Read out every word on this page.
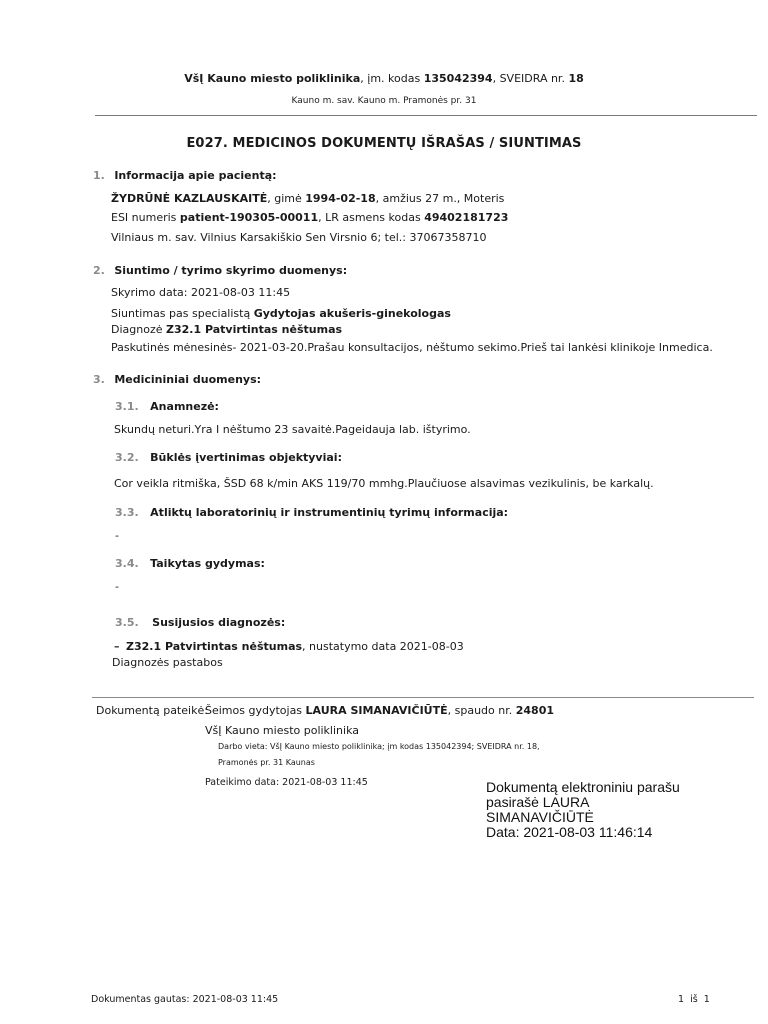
VšĮ Kauno miesto poliklinika, įm. kodas 135042394, SVEIDRA nr. 18
Kauno m. sav. Kauno m. Pramonės pr. 31
E027. MEDICINOS DOKUMENTŲ IŠRAŠAS / SIUNTIMAS
1. Informacija apie pacientą:
ŽYDRŪNĖ KAZLAUSKAITĖ, gimė 1994-02-18, amžius 27 m., Moteris
ESI numeris patient-190305-00011, LR asmens kodas 49402181723
Vilniaus m. sav. Vilnius Karsakiškio Sen Virsnio 6; tel.: 37067358710
2. Siuntimo / tyrimo skyrimo duomenys:
Skyrimo data: 2021-08-03 11:45
Siuntimas pas specialistą Gydytojas akušeris-ginekologas
Diagnozė Z32.1 Patvirtintas nėštumas
Paskutinės mėnesinės- 2021-03-20.Prašau konsultacijos, nėštumo sekimo.Prieš tai lankėsi klinikoje Inmedica.
3. Medicininiai duomenys:
3.1. Anamnezė:
Skundų neturi.Yra I nėštumo 23 savaitė.Pageidauja lab. ištyrimo.
3.2. Būklės įvertinimas objektyviai:
Cor veikla ritmiška, ŠSD 68 k/min AKS 119/70 mmhg.Plaučiuose alsavimas vezikulinis, be karkalų.
3.3. Atliktų laboratorinių ir instrumentinių tyrimų informacija:
-
3.4. Taikytas gydymas:
-
3.5. Susijusios diagnozės:
– Z32.1 Patvirtintas nėštumas, nustatymo data 2021-08-03
Diagnozės pastabos
Dokumentą pateikė:
Šeimos gydytojas LAURA SIMANAVIČIŪTĖ, spaudo nr. 24801
VšĮ Kauno miesto poliklinika
Darbo vieta: VšĮ Kauno miesto poliklinika; įm kodas 135042394; SVEIDRA nr. 18,
Pramonės pr. 31 Kaunas
Pateikimo data: 2021-08-03 11:45	Dokumentą elektroniniu parašu
pasirašė LAURA
SIMANAVIČIŪTĖ
Data: 2021-08-03 11:46:14
Dokumentas gautas: 2021-08-03 11:45	1  iš  1
